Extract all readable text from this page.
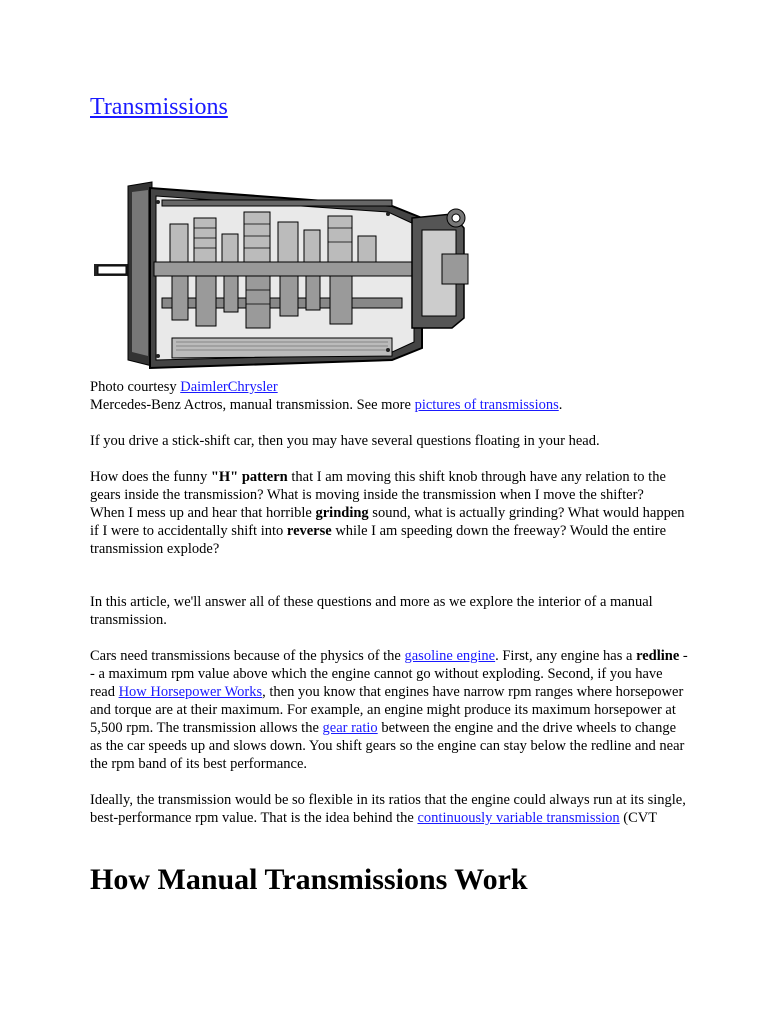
Transmissions

Photo courtesy DaimlerChrysler

Mercedes-Benz Actros, manual transmission. See more pictures of transmissions.

If you drive a stick-shift car, then you may have several questions floating in your head.

How does the funny "H" pattern that I am moving this shift knob through have any relation to the gears inside the transmission? What is moving inside the transmission when I move the shifter?

When I mess up and hear that horrible grinding sound, what is actually grinding? What would happen if I were to accidentally shift into reverse while I am speeding down the freeway? Would the entire transmission explode?

In this article, we'll answer all of these questions and more as we explore the interior of a manual transmission.

Cars need transmissions because of the physics of the gasoline engine. First, any engine has a redline -- a maximum rpm value above which the engine cannot go without exploding. Second, if you have read How Horsepower Works, then you know that engines have narrow rpm ranges where horsepower and torque are at their maximum. For example, an engine might produce its maximum horsepower at 5,500 rpm. The transmission allows the gear ratio between the engine and the drive wheels to change as the car speeds up and slows down. You shift gears so the engine can stay below the redline and near the rpm band of its best performance.

Ideally, the transmission would be so flexible in its ratios that the engine could always run at its single, best-performance rpm value. That is the idea behind the continuously variable transmission (CVT

How Manual Transmissions Work
